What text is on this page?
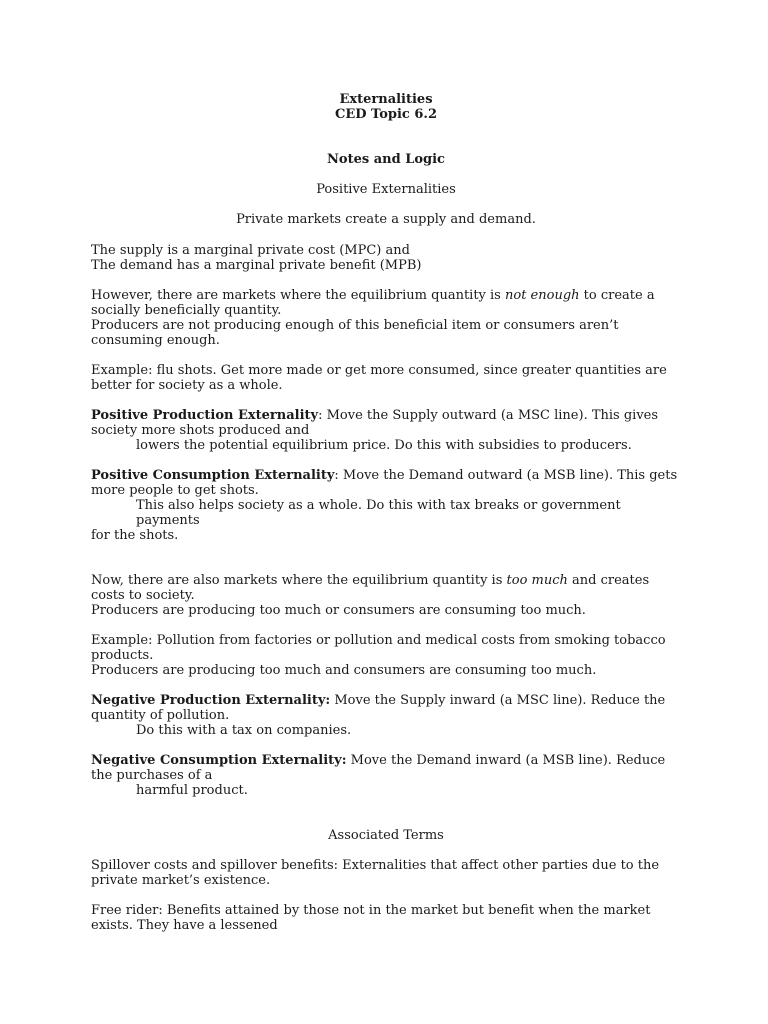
Externalities

CED Topic 6.2

Notes and Logic

Positive Externalities

Private markets create a supply and demand.

The supply is a marginal private cost (MPC) and

The demand has a marginal private benefit (MPB)

However, there are markets where the equilibrium quantity is not enough to create a socially beneficially quantity.

Producers are not producing enough of this beneficial item or consumers aren’t consuming enough.

Example: flu shots. Get more made or get more consumed, since greater quantities are better for society as a whole.

Positive Production Externality: Move the Supply outward (a MSC line). This gives society more shots produced and

lowers the potential equilibrium price. Do this with subsidies to producers.

Positive Consumption Externality: Move the Demand outward (a MSB line). This gets more people to get shots.

This also helps society as a whole. Do this with tax breaks or government payments

for the shots.

Now, there are also markets where the equilibrium quantity is too much and creates costs to society.

Producers are producing too much or consumers are consuming too much.

Example: Pollution from factories or pollution and medical costs from smoking tobacco products.

Producers are producing too much and consumers are consuming too much.

Negative Production Externality: Move the Supply inward (a MSC line). Reduce the quantity of pollution.

Do this with a tax on companies.

Negative Consumption Externality: Move the Demand inward (a MSB line). Reduce the purchases of a

harmful product.

Associated Terms

Spillover costs and spillover benefits: Externalities that affect other parties due to the private market’s existence.

Free rider: Benefits attained by those not in the market but benefit when the market exists. They have a lessened
